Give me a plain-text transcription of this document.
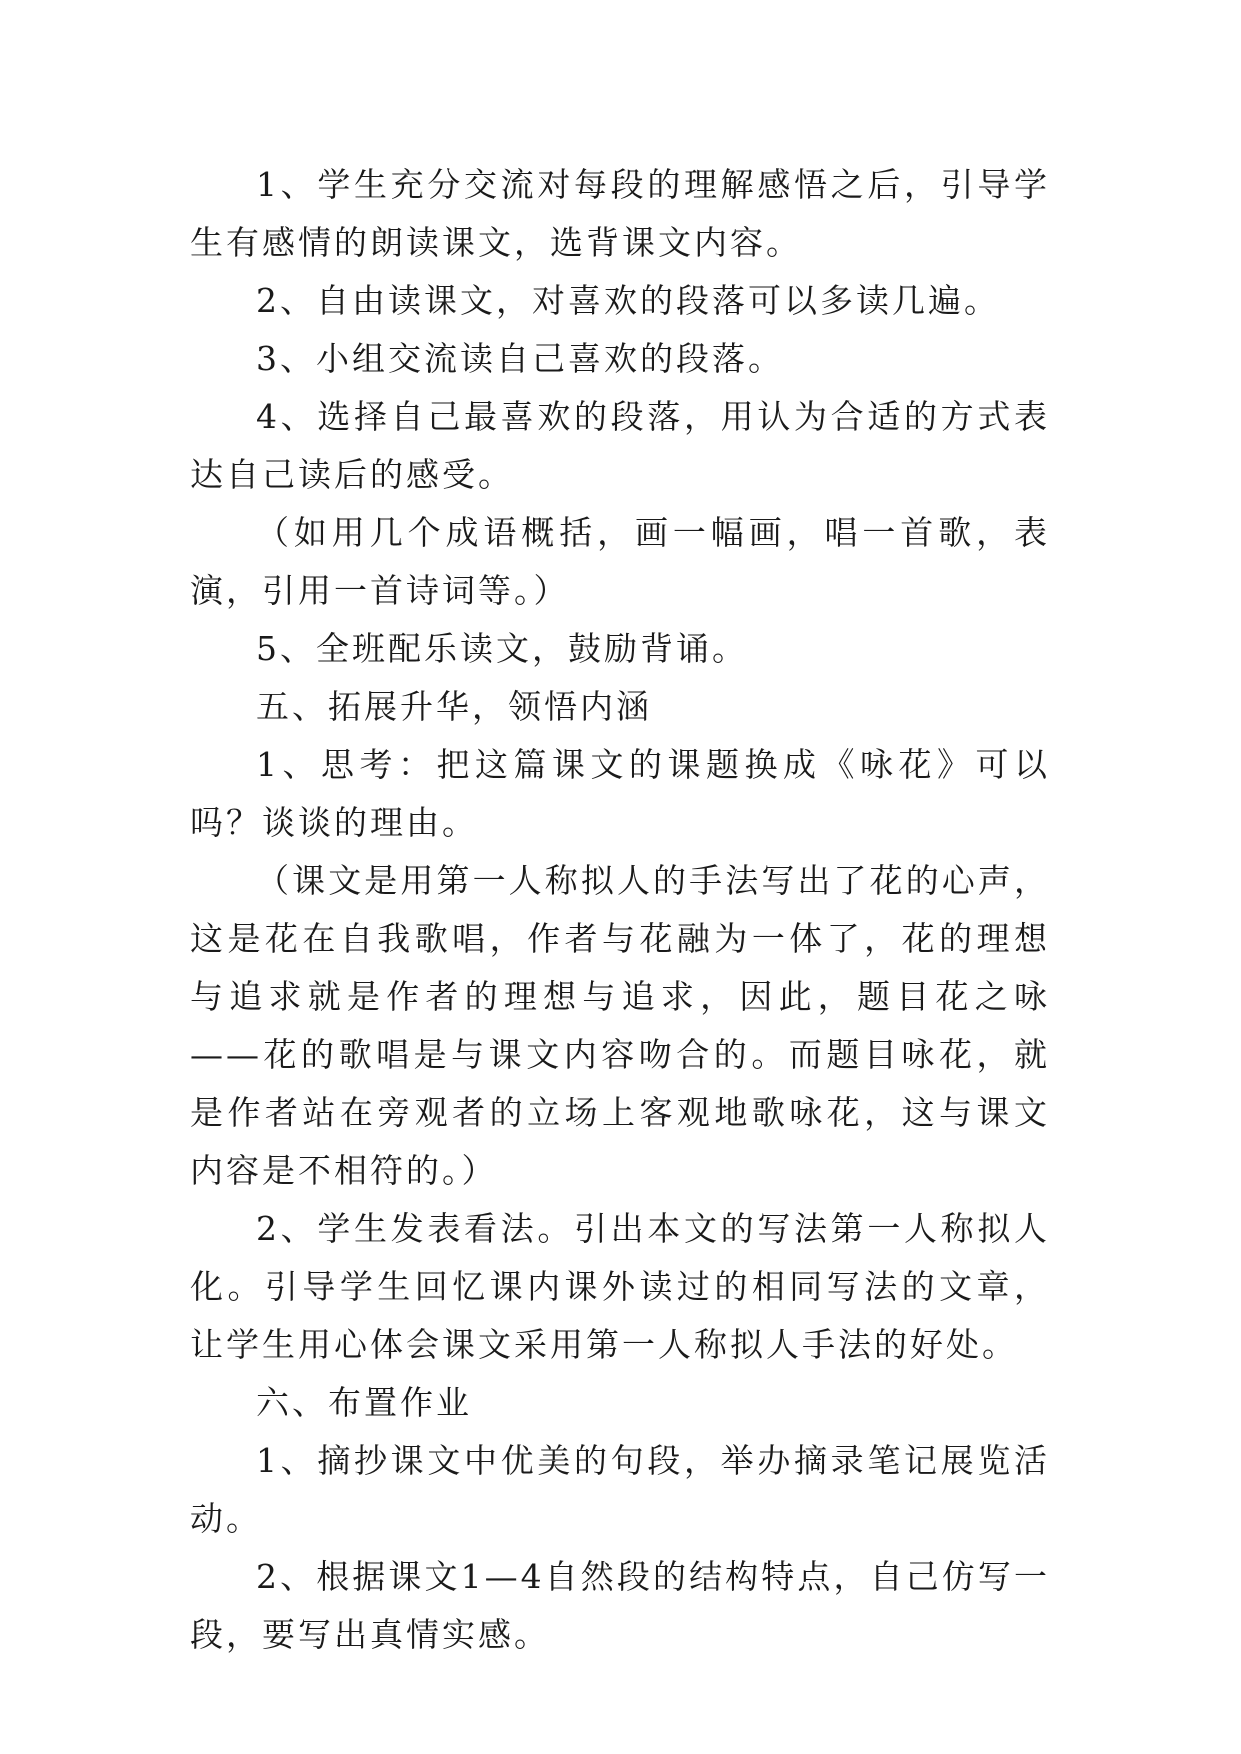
1、学生充分交流对每段的理解感悟之后，引导学生有感情的朗读课文，选背课文内容。

2、自由读课文，对喜欢的段落可以多读几遍。

3、小组交流读自己喜欢的段落。

4、选择自己最喜欢的段落，用认为合适的方式表达自己读后的感受。

（如用几个成语概括，画一幅画，唱一首歌，表演，引用一首诗词等。）

5、全班配乐读文，鼓励背诵。

五、拓展升华，领悟内涵

1、思考：把这篇课文的课题换成《咏花》可以吗？谈谈的理由。

（课文是用第一人称拟人的手法写出了花的心声，这是花在自我歌唱，作者与花融为一体了，花的理想与追求就是作者的理想与追求，因此，题目花之咏——花的歌唱是与课文内容吻合的。而题目咏花，就是作者站在旁观者的立场上客观地歌咏花，这与课文内容是不相符的。）

2、学生发表看法。引出本文的写法第一人称拟人化。引导学生回忆课内课外读过的相同写法的文章，让学生用心体会课文采用第一人称拟人手法的好处。

六、布置作业

1、摘抄课文中优美的句段，举办摘录笔记展览活动。

2、根据课文1—4自然段的结构特点，自己仿写一段，要写出真情实感。
